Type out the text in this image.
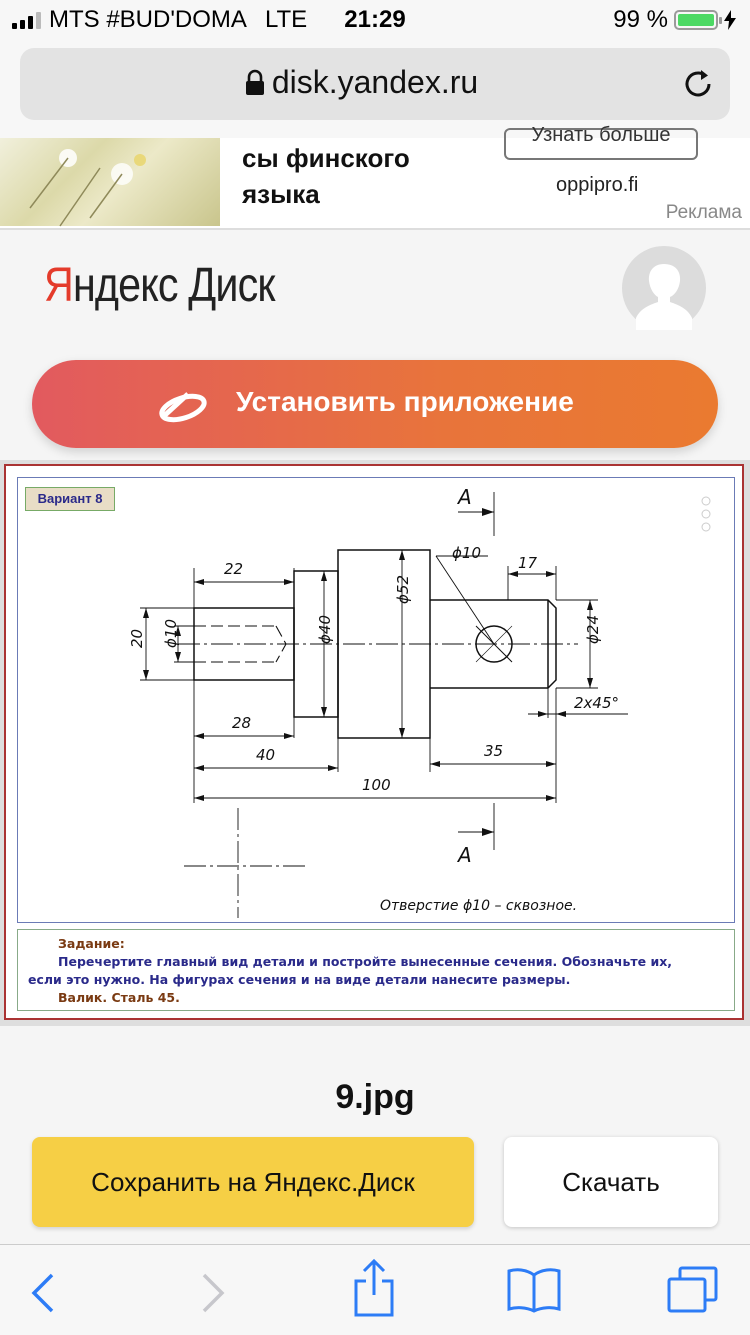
MTS #BUD'DOMA LTE	21:29	99 %
disk.yandex.ru
Узнать больше
сы финского
языка	oppipro.fi
Реклама
Яндекс Диск
Установить приложение
A
A
ϕ10
22	17
20 ϕ10	ϕ40
ϕ52
ϕ24
2x45°
28
40	35
100
Отверстие ϕ10 – сквозное.
Вариант 8
Задание:
Перечертите главный вид детали и постройте вынесенные сечения. Обозначьте их,
если это нужно. На фигурах сечения и на виде детали нанесите размеры.
Валик. Сталь 45.
9.jpg
Сохранить на Яндекс.Диск	Скачать
